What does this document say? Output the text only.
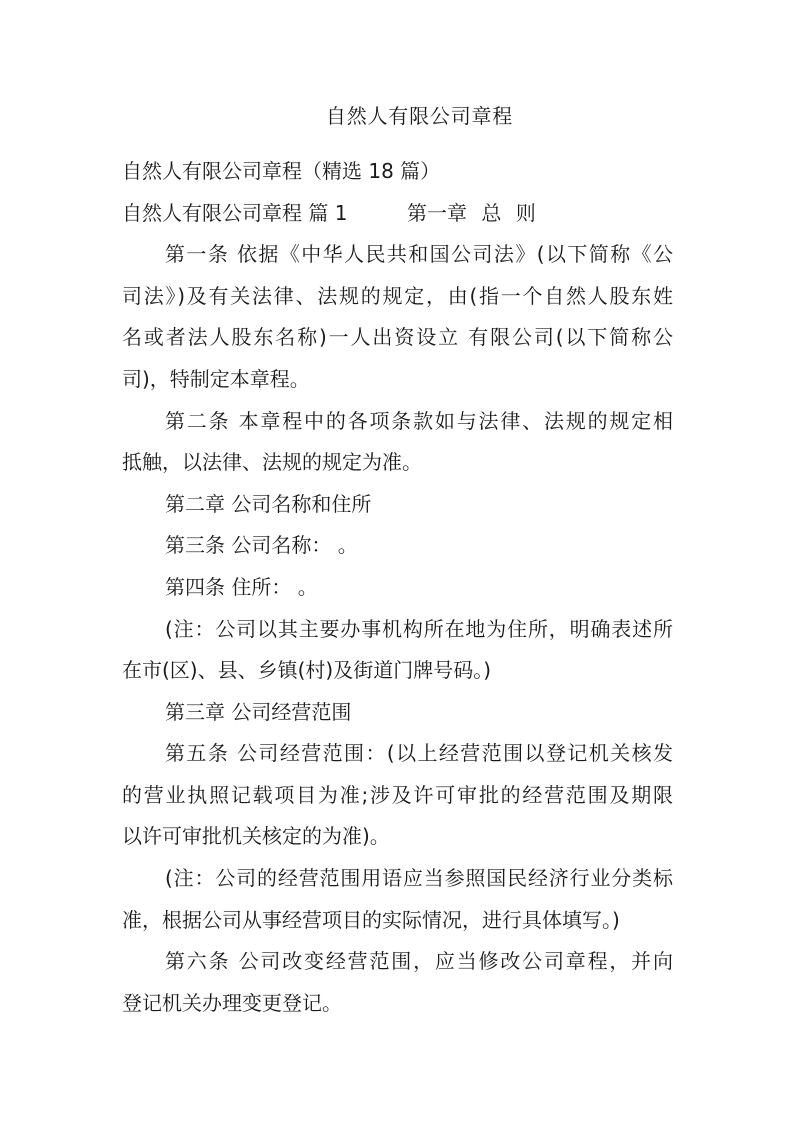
自然人有限公司章程
自然人有限公司章程（精选 18 篇）
自然人有限公司章程 篇 1	第一章 总 则
第一条 依据《中华人民共和国公司法》(以下简称《公
司法》)及有关法律、法规的规定，由(指一个自然人股东姓
名或者法人股东名称)一人出资设立 有限公司(以下简称公
司)，特制定本章程。
第二条 本章程中的各项条款如与法律、法规的规定相
抵触，以法律、法规的规定为准。
第二章 公司名称和住所
第三条 公司名称： 。
第四条 住所： 。
(注：公司以其主要办事机构所在地为住所，明确表述所
在市(区)、县、乡镇(村)及街道门牌号码。)
第三章 公司经营范围
第五条 公司经营范围：(以上经营范围以登记机关核发
的营业执照记载项目为准;涉及许可审批的经营范围及期限
以许可审批机关核定的为准)。
(注：公司的经营范围用语应当参照国民经济行业分类标
准，根据公司从事经营项目的实际情况，进行具体填写。)
第六条 公司改变经营范围，应当修改公司章程，并向
登记机关办理变更登记。
